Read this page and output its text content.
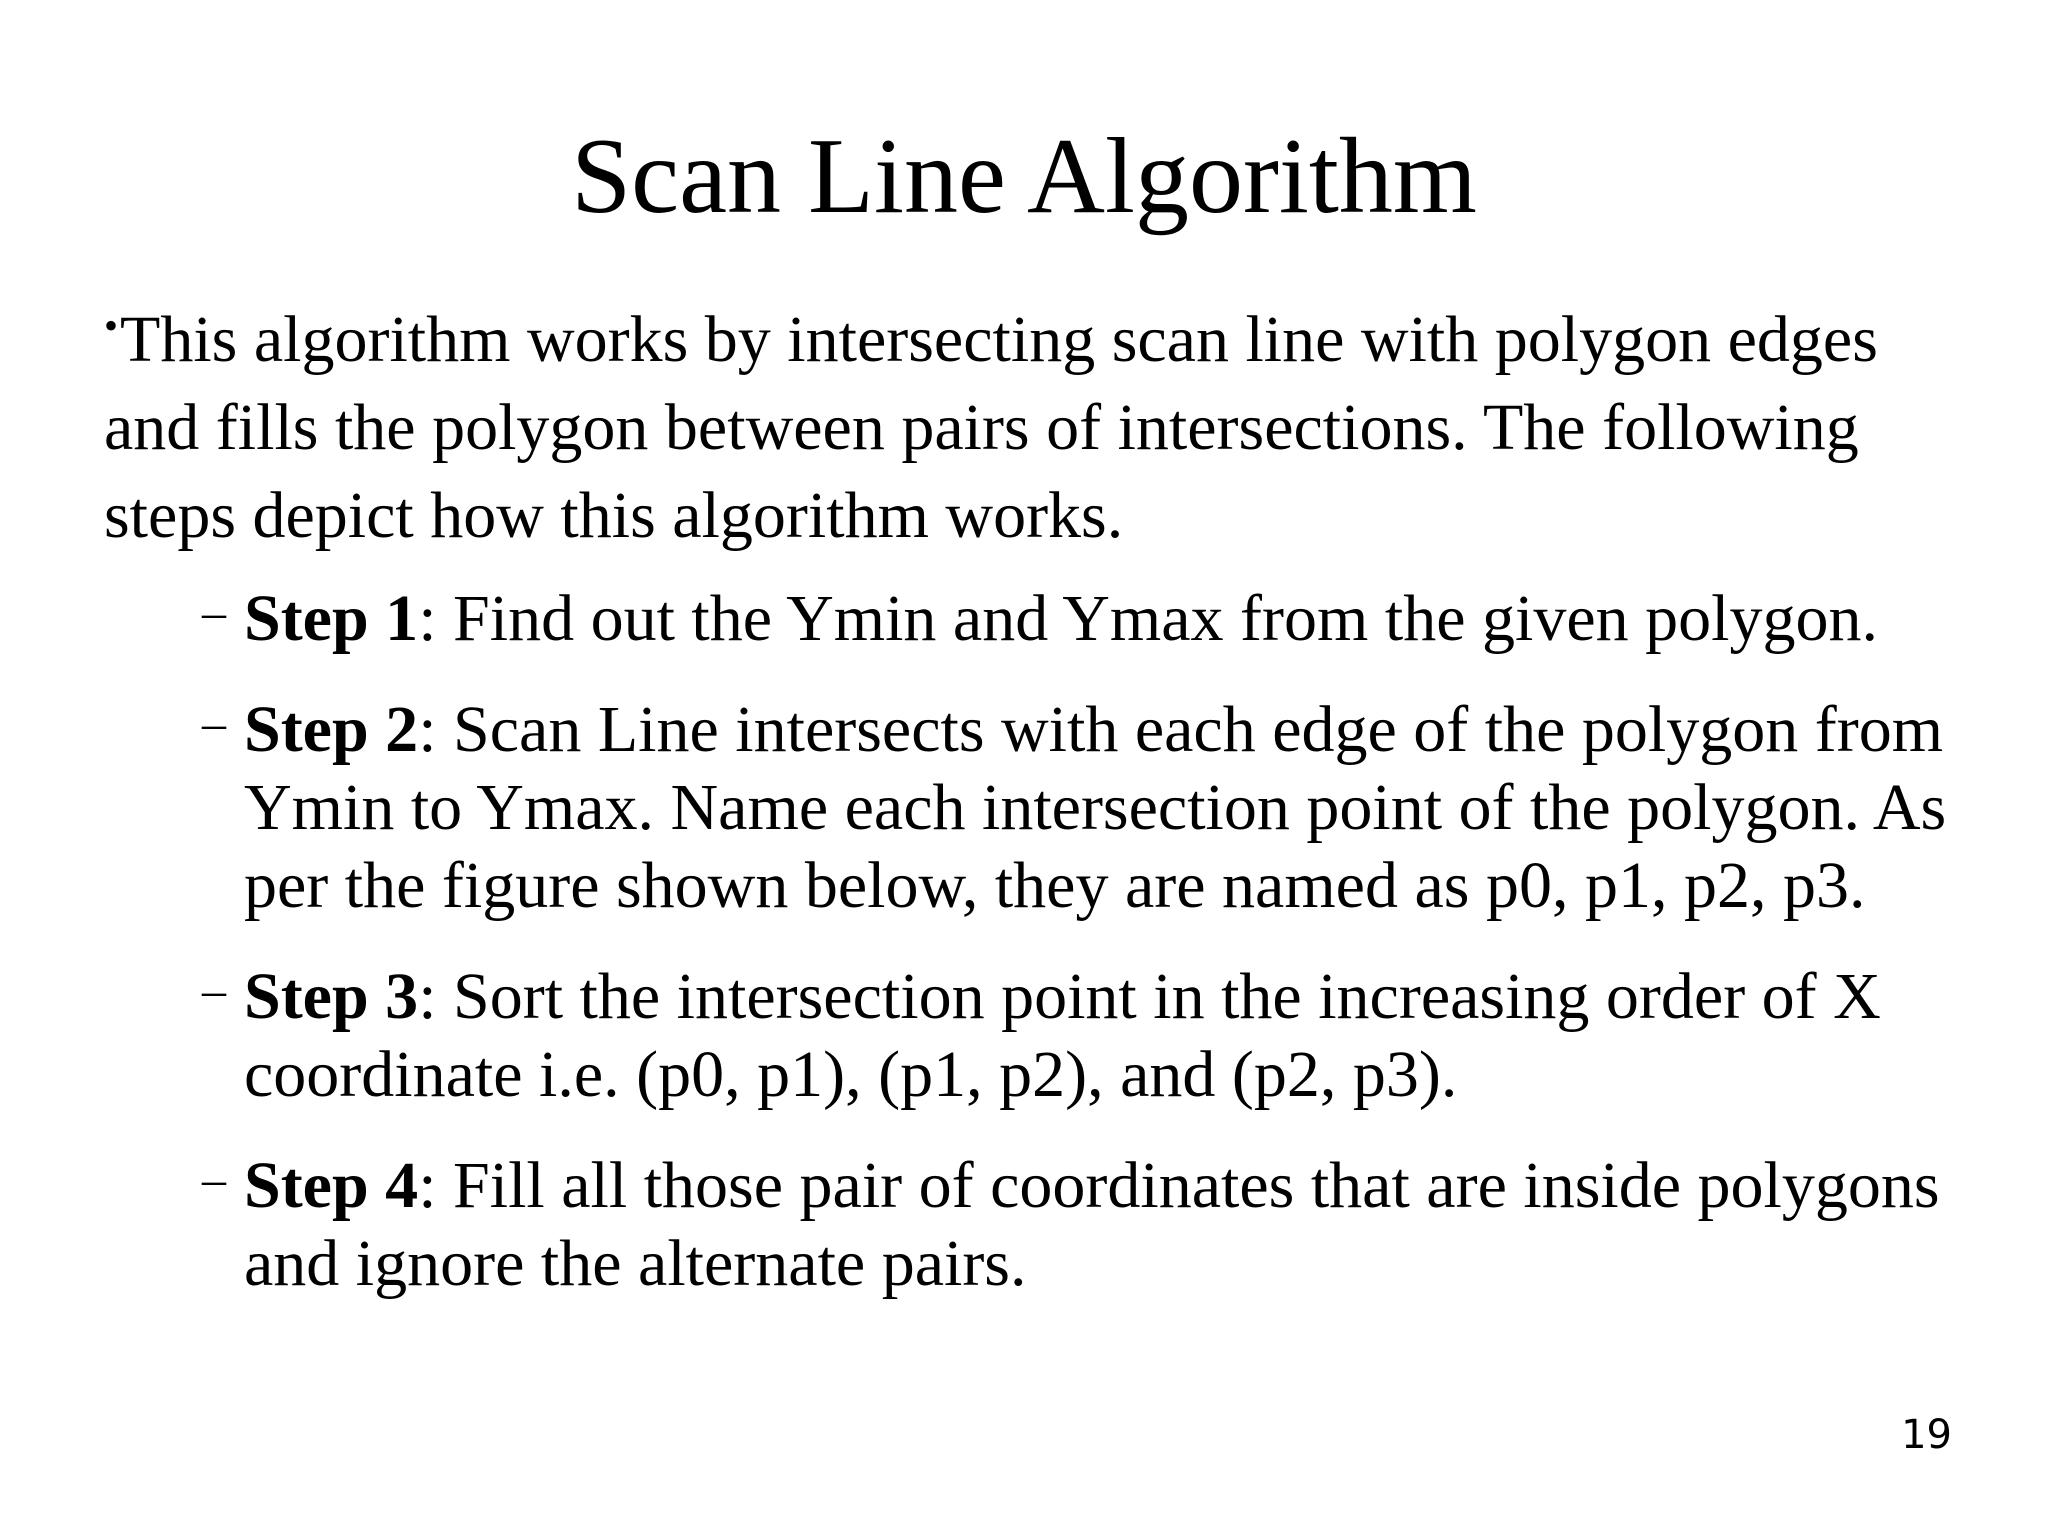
Scan Line Algorithm

•This algorithm works by intersecting scan line with polygon edges and fills the polygon between pairs of intersections. The following steps depict how this algorithm works.

– Step 1: Find out the Ymin and Ymax from the given polygon.
– Step 2: Scan Line intersects with each edge of the polygon from Ymin to Ymax. Name each intersection point of the polygon. As per the figure shown below, they are named as p0, p1, p2, p3.
– Step 3: Sort the intersection point in the increasing order of X coordinate i.e. (p0, p1), (p1, p2), and (p2, p3).
– Step 4: Fill all those pair of coordinates that are inside polygons and ignore the alternate pairs.
19
